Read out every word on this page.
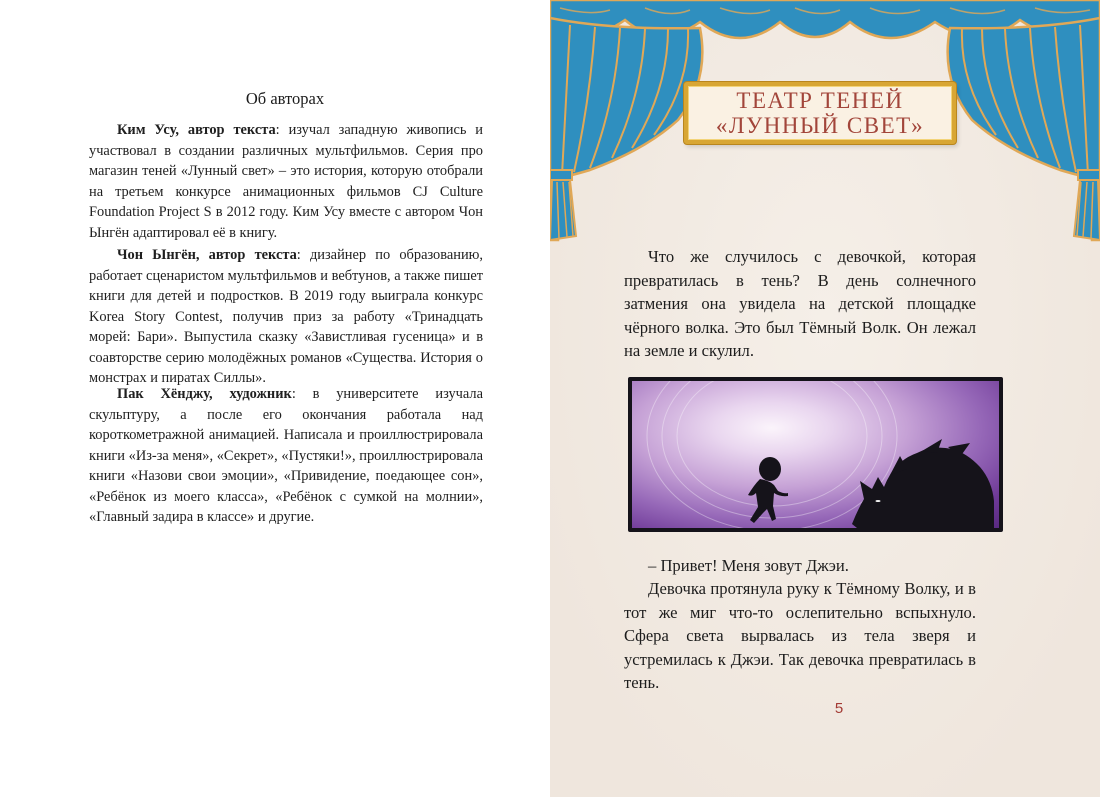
Об авторах

Ким Усу, автор текста: изучал западную живопись и участвовал в создании различных мультфильмов. Серия про магазин теней «Лунный свет» – это история, которую отобрали на третьем конкурсе анимационных фильмов CJ Culture Foundation Project S в 2012 году. Ким Усу вместе с автором Чон Ынгён адаптировал её в книгу.

Чон Ынгён, автор текста: дизайнер по образованию, работает сценаристом мультфильмов и вебтунов, а также пишет книги для детей и подростков. В 2019 году выиграла конкурс Korea Story Contest, получив приз за работу «Тринадцать морей: Бари». Выпустила сказку «Завистливая гусеница» и в соавторстве серию молодёжных романов «Существа. История о монстрах и пиратах Силлы».

Пак Хёнджу, художник: в университете изучала скульптуру, а после его окончания работала над короткометражной анимацией. Написала и проиллюстрировала книги «Из-за меня», «Секрет», «Пустяки!», проиллюстрировала книги «Назови свои эмоции», «Привидение, поедающее сон», «Ребёнок из моего класса», «Ребёнок с сумкой на молнии», «Главный задира в классе» и другие.

ТЕАТР ТЕНЕЙ
«ЛУННЫЙ СВЕТ»

Что же случилось с девочкой, которая превратилась в тень? В день солнечного затмения она увидела на детской площадке чёрного волка. Это был Тёмный Волк. Он лежал на земле и скулил.

– Привет! Меня зовут Джэи.

Девочка протянула руку к Тёмному Волку, и в тот же миг что-то ослепительно вспыхнуло. Сфера света вырвалась из тела зверя и устремилась к Джэи. Так девочка превратилась в тень.

5
